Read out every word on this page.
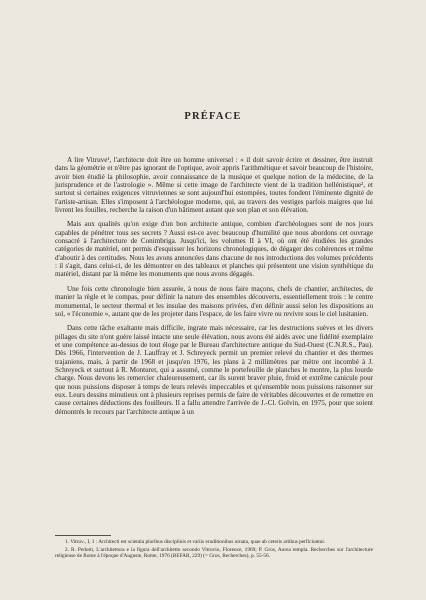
PRÉFACE

A lire Vitruve¹, l'architecte doit être un homme universel : « il doit savoir écrire et dessiner, être instruit dans la géométrie et n'être pas ignorant de l'optique, avoir appris l'arithmétique et savoir beaucoup de l'histoire, avoir bien étudié la philosophie, avoir connaissance de la musique et quelque notion de la médecine, de la jurisprudence et de l'astrologie ». Même si cette image de l'architecte vient de la tradition hellénistique², et surtout si certaines exigences vitruviennes se sont aujourd'hui estompées, toutes fondent l'éminente dignité de l'artiste-artisan. Elles s'imposent à l'archéologue moderne, qui, au travers des vestiges parfois maigres que lui livrent les fouilles, recherche la raison d'un bâtiment autant que son plan et son élévation.

Mais aux qualités qu'on exige d'un bon architecte antique, combien d'archéologues sont de nos jours capables de pénétrer tous ses secrets ? Aussi est-ce avec beaucoup d'humilité que nous abordons cet ouvrage consacré à l'architecture de Conimbriga. Jusqu'ici, les volumes II à VI, où ont été étudiées les grandes catégories de matériel, ont permis d'esquisser les horizons chronologiques, de dégager des cohérences et même d'aboutir à des certitudes. Nous les avons annoncées dans chacune de nos introductions des volumes précédents : il s'agit, dans celui-ci, de les démontrer en des tableaux et planches qui présentent une vision synthétique du matériel, distant par là même les monuments que nous avons dégagés.

Une fois cette chronologie bien assurée, à nous de nous faire maçons, chefs de chantier, architectes, de manier la règle et le compas, pour définir la nature des ensembles découverts, essentiellement trois : le centre monumental, le secteur thermal et les insulae des maisons privées, d'en définir aussi selon les dispositions au sol, « l'économie », autant que de les projeter dans l'espace, de les faire vivre ou revivre sous le ciel lusitanien.

Dans cette tâche exaltante mais difficile, ingrate mais nécessaire, car les destructions suèves et les divers pillages du site n'ont guère laissé intacte une seule élévation, nous avons été aidés avec une fidélité exemplaire et une compétence au-dessus de tout éloge par le Bureau d'architecture antique du Sud-Ouest (C.N.R.S., Pau). Dès 1966, l'intervention de J. Lauffray et J. Schreyeck permit un premier relevé du chantier et des thermes trajaniens, mais, à partir de 1968 et jusqu'en 1976, les plans à 2 millimètres par mètre ont incombé à J. Schreyeck et surtout à R. Monturet, qui a assumé, comme le portefeuille de planches le montre, la plus lourde charge. Nous devons les remercier chaleureusement, car ils surent braver pluie, froid et extrême canicule pour que nous puissions disposer à temps de leurs relevés impeccables et qu'ensemble nous puissions raisonner sur eux. Leurs dessins minutieux ont à plusieurs reprises permis de faire de véritables découvertes et de remettre en cause certaines déductions des fouilleurs. Il a fallu attendre l'arrivée de J.-Cl. Golvin, en 1975, pour que soient démontrés le recours par l'architecte antique à un

1. Vitruv., I, 1 : Architecti est scientia pluribus disciplinis et variis eruditionibus ornata, quae ab ceteris artibus perficiuntur.

2. R. Pedotti, L'architettura e la figura dell'architetto secondo Vitruvio, Florence, 1969; P. Gros, Aurea templa. Recherches sur l'architecture religieuse de Rome à l'époque d'Auguste, Rome, 1976 (BEFAR, 229) (= Gros, Recherches), p. 55-56.
